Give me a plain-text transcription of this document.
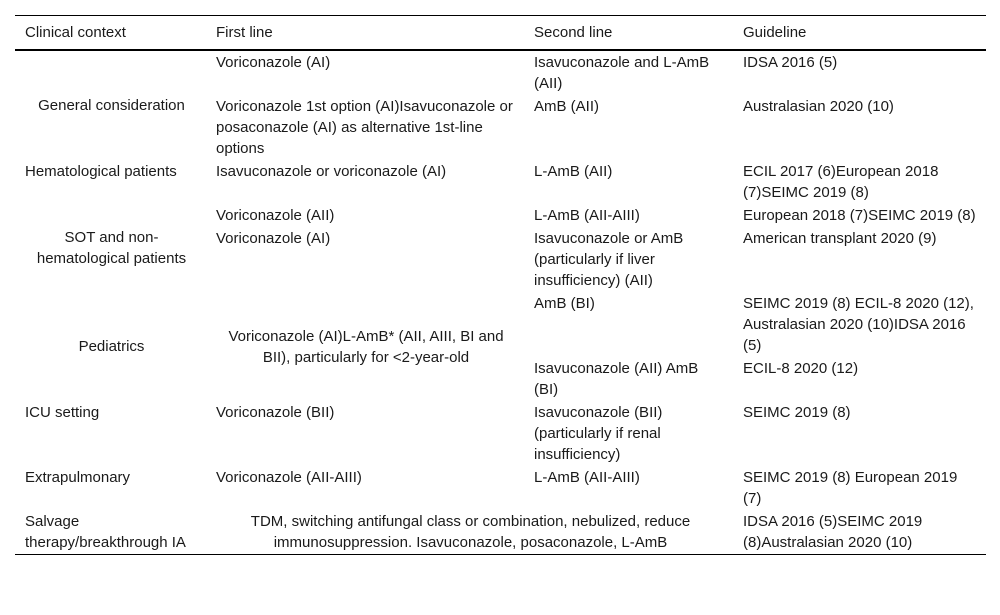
Clinical context	First line	Second line	Guideline
General consideration	Voriconazole (AI)	Isavuconazole and L-AmB (AII)	IDSA 2016 (5)
	Voriconazole 1st option (AI)Isavuconazole or posaconazole (AI) as alternative 1st-line options	AmB (AII)	Australasian 2020 (10)
Hematological patients	Isavuconazole or voriconazole (AI)	L-AmB (AII)	ECIL 2017 (6)European 2018 (7)SEIMC 2019 (8)
SOT and non-hematological patients	Voriconazole (AII)	L-AmB (AII-AIII)	European 2018 (7)SEIMC 2019 (8)
	Voriconazole (AI)	Isavuconazole or AmB (particularly if liver insufficiency) (AII)	American transplant 2020 (9)
Pediatrics	Voriconazole (AI)L-AmB* (AII, AIII, BI and BII), particularly for <2-year-old	AmB (BI)	SEIMC 2019 (8) ECIL-8 2020 (12), Australasian 2020 (10)IDSA 2016 (5)
		Isavuconazole (AII) AmB (BI)	ECIL-8 2020 (12)
ICU setting	Voriconazole (BII)	Isavuconazole (BII) (particularly if renal insufficiency)	SEIMC 2019 (8)
Extrapulmonary	Voriconazole (AII-AIII)	L-AmB (AII-AIII)	SEIMC 2019 (8) European 2019 (7)
Salvage therapy/breakthrough IA	TDM, switching antifungal class or combination, nebulized, reduce immunosuppression. Isavuconazole, posaconazole, L-AmB		IDSA 2016 (5)SEIMC 2019 (8)Australasian 2020 (10)
